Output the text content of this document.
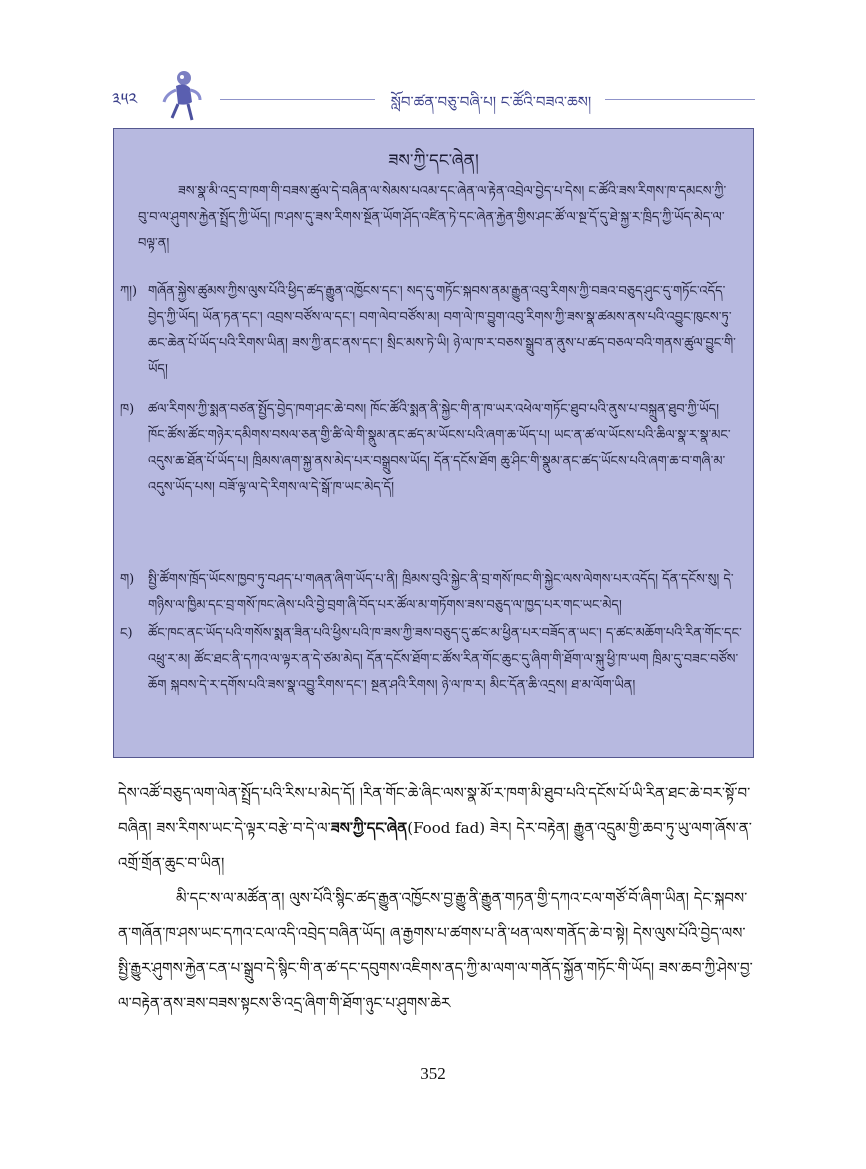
༣༥༢	སློབ་ཚན་བཅུ་བཞི་པ། ང་ཚོའི་བཟའ་ཆས།
ཟས་ཀྱི་དང་ཞེན།
ཟས་སྣ་མི་འདྲ་བ་ཁག་གི་བཟས་ཚུལ་དེ་བཞིན་ལ་སེམས་པའམ་དང་ཞེན་ལ་རྟེན་འབྲེལ་བྱེད་པ་དེས། ང་ཚོའི་ཟས་རིགས་ཁ་དམངས་ཀྱི་བུ་བ་ལ་ཤུགས་རྐྱེན་སྤྲོད་ཀྱི་ཡོད། ཁ་ཤས་དུ་ཟས་རིགས་སྔོན་ཡོག་ཤོད་འཛིན་ཏེ་དང་ཞེན་རྐྱེན་གྱིས་ཤང་ཚོ་ལ་སྔ་དོ་དུ་ཐེ་སྐྱ་ར་ཁྲིད་ཀྱི་ཡོད་མེད་ལ་བལྟ་ན།
ཀ།) གཞོན་སྐྱེས་ཚུམས་ཀྱིས་ལུས་པོའི་ཕྱིད་ཚད་རྒྱུན་འཁྱོངས་དང་། སད་དུ་གཏོང་སྐབས་ནམ་རྒྱུན་འབུ་རིགས་ཀྱི་བཟའ་བཅུད་ཤུང་དུ་གཏོང་འདོད་བྱེད་ཀྱི་ཡོད། ཡོན་ཏན་དང་། འབྲས་བཙོས་ལ་དང་། བག་ལེབ་བཙོས་མ། བག་ལེ་ཁ་བྱུག་འབུ་རིགས་ཀྱི་ཟས་སྣ་ཚམས་ནས་པའི་འབྱུང་ཁུངས་ཏུ་ཆང་ཆེན་པོ་ཡོད་པའི་རིགས་ཡིན། ཟས་ཀྱི་ནང་ནས་དང་། སྲིང་མས་ཏེ་ཡི། ཉེ་ལ་ཁ་ར་བཅས་སྒྲུབ་ན་ནུས་པ་ཚད་བཅལ་བའི་གནས་ཚུལ་བྱུང་གི་ཡོད།
ཁ)	ཚལ་རིགས་ཀྱི་སྨན་བཙན་སྤྱོད་བྱེད་ཁག་ཤང་ཆེ་བས། ཁོང་ཚོའི་སྨན་ནི་སྐྱེང་གི་ན་ཁ་ཡར་འཕེལ་གཏོང་ཐུབ་པའི་ནུས་པ་བསྐྲུན་ཐུབ་ཀྱི་ཡོད། ཁོང་ཚོས་ཚོང་གཉེར་དམིགས་བསལ་ཅན་གྱི་ཚི་ལེ་གི་སྣུམ་ནང་ཚད་མ་ཡོངས་པའི་ཞག་ཆ་ཡོད་པ། ཡང་ན་ཚ་ལ་ཡོངས་པའི་ཆིལ་སྣ་ར་སྣ་མང་འདུས་ཆ་ཐོན་པོ་ཡོད་པ། ཁྲིམས་ཞག་སྐྱ་ནས་མེད་པར་བསྒྲུབས་ཡོད། དོན་དངོས་ཐོག ཆུ་ཤིང་གི་སྣུམ་ནང་ཚད་ཡོངས་པའི་ཞག་ཆ་བ་གཞི་མ་འདུས་ཡོད་པས། བཟོ་ལྟ་ལ་དེ་རིགས་ལ་དེ་སྒོ་ཁ་ཡང་མེད་དོ།
ག)	སྤྱི་ཚོགས་ཁྲོད་ཡོངས་ཁྱབ་ཏུ་བཤད་པ་གཞན་ཞིག་ཡོད་པ་ནི། ཁྲིམས་བུའི་སྐྱེང་ནི་བྲ་གསོ་ཁང་གི་སྐྱེང་ལས་ལེགས་པར་འདོད། དོན་དངོས་སུ། དེ་གཉིས་ལ་ཁྱིམ་དང་བྲ་གསོ་ཁང་ཞེས་པའི་བྱེ་བྲག་ཞི་བོད་པར་ཚོལ་མ་གཏོགས་ཟས་བཅུད་ལ་ཁྱད་པར་གང་ཡང་མེད།
ང)	ཚོང་ཁང་ནང་ཡོད་པའི་གསོས་སྨན་ཟིན་པའི་ཕྱིས་པའི་ཁ་ཟས་ཀྱི་ཟས་བཅུད་དུ་ཚང་མ་ཕྱིན་པར་བཟོད་ན་ཡང་། ད་ཚང་མཆོག་པའི་རིན་གོང་དང་འཕྲུ་ར་མ། ཚོང་ཐང་ནི་དཀའ་ལ་ལྟར་ན་དེ་ཙམ་མེད། དོན་དངོས་ཐོག་ང་ཚོས་རིན་གོང་ཆུང་དུ་ཞིག་གི་ཐོག་ལ་སྐུ་ཕྱི་ཁ་ཡག ཁྲིམ་དུ་བཟང་བཙོས་ཆོག སྐབས་དེ་ར་དགོས་པའི་ཟས་སྣ་འབྱུ་རིགས་དང་། སྔན་ཤའི་རིགས། ཉེ་ལ་ཁ་ར། མིང་དོན་ཆི་འདྲས། ཐ་མ་ལོག་ཡིན།

དེས་འཚོ་བཅུད་ལག་ལེན་སྤྲོད་པའི་རིས་པ་མེད་དོ། །རིན་གོང་ཆེ་ཞིང་ལས་སྣ་མོ་ར་ཁག་མི་ཐུབ་པའི་དངོས་པོ་ཡི་རིན་ཐང་ཆེ་བར་སྟོ་བ་བཞིན། ཟས་རིགས་ཡང་དེ་ལྟར་བརྩེ་བ་དེ་ལ་ཟས་ཀྱི་དང་ཞེན(Food fad) ཟེར། དེར་བརྟེན། རྒྱུན་འདྲུམ་གྱི་ཆབ་ཏུ་ཡུ་ལག་ཞོས་ན་འགྲོ་གྲོན་ཆུང་བ་ཡིན།

མི་དང་ས་ལ་མཚོན་ན། ལུས་པོའི་སྙིང་ཚད་རྒྱུན་འཁྱོངས་བྱ་རྒྱུ་ནི་རྒྱུན་གཏན་གྱི་དཀའ་ངལ་གཙོ་བོ་ཞིག་ཡིན། དེང་སྐབས་ན་གཞོན་ཁ་ཤས་ཡང་དཀའ་ངལ་འདི་འབྲེད་བཞིན་ཡོད། ཞ་རྒྱགས་པ་ཚགས་པ་ནི་ཕན་ལས་གནོད་ཆེ་བ་སྟེ། དེས་ལུས་པོའི་བྱེད་ལས་སྤྱི་རྒྱུར་ཤུགས་རྐྱེན་ངན་པ་སྒྲུབ་དེ་སྙིང་གི་ན་ཚ་དང་དབུགས་འཇིགས་ནད་ཀྱི་མ་ལག་ལ་གནོད་སྐྱོན་གཏོང་གི་ཡོད། ཟས་ཆབ་ཀྱི་ཤེས་བྱ་ལ་བརྟེན་ནས་ཟས་བཟས་སྟངས་ཅི་འདྲ་ཞིག་གི་ཐོག་ཉུང་པ་ཤུགས་ཆེར

352
